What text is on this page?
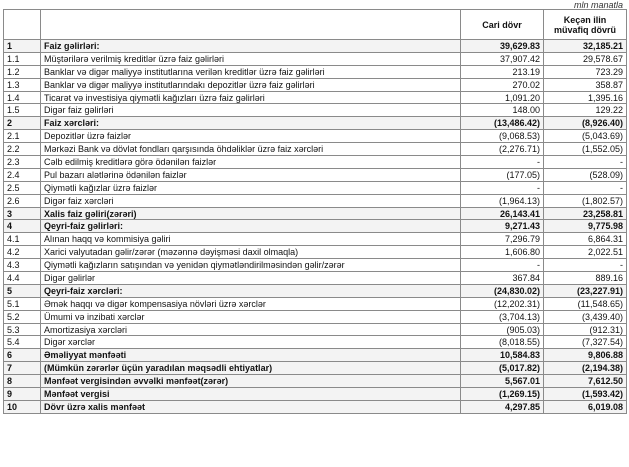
mln manatla
		Cari dövr	Keçən ilin müvafiq dövrü
1	Faiz gəlirləri:	39,629.83	32,185.21
1.1	Müştərilərə verilmiş kreditlər üzrə faiz gəlirləri	37,907.42	29,578.67
1.2	Banklar və digər maliyyə institutlarına verilən kreditlər üzrə faiz gəlirləri	213.19	723.29
1.3	Banklar və digər maliyyə institutlarındakı depozitlər üzrə faiz gəlirləri	270.02	358.87
1.4	Ticarət və investisiya qiymətli kağızları üzrə faiz gəlirləri	1,091.20	1,395.16
1.5	Digər faiz gəlirləri	148.00	129.22
2	Faiz xərcləri:	(13,486.42)	(8,926.40)
2.1	Depozitlər üzrə faizlər	(9,068.53)	(5,043.69)
2.2	Mərkəzi Bank və dövlət fondları qarşısında öhdəliklər üzrə faiz xərcləri	(2,276.71)	(1,552.05)
2.3	Cəlb edilmiş kreditlərə görə ödənilən faizlər	-	-
2.4	Pul bazarı alətlərinə ödənilən faizlər	(177.05)	(528.09)
2.5	Qiymətli kağızlar üzrə faizlər	-	-
2.6	Digər faiz xərcləri	(1,964.13)	(1,802.57)
3	Xalis faiz gəliri(zərəri)	26,143.41	23,258.81
4	Qeyri-faiz gəlirləri:	9,271.43	9,775.98
4.1	Alınan haqq və kommisiya gəliri	7,296.79	6,864.31
4.2	Xarici valyutadan gəlir/zərər (məzənnə dəyişməsi daxil olmaqla)	1,606.80	2,022.51
4.3	Qiymətli kağızların satışından və yenidən qiymətləndirilməsindən gəlir/zərər	-	-
4.4	Digər gəlirlər	367.84	889.16
5	Qeyri-faiz xərcləri:	(24,830.02)	(23,227.91)
5.1	Əmək haqqı və digər kompensasiya növləri üzrə xərclər	(12,202.31)	(11,548.65)
5.2	Ümumi və inzibati xərclər	(3,704.13)	(3,439.40)
5.3	Amortizasiya xərcləri	(905.03)	(912.31)
5.4	Digər xərclər	(8,018.55)	(7,327.54)
6	Əməliyyat mənfəəti	10,584.83	9,806.88
7	(Mümkün zərərlər üçün yaradılan məqsədli ehtiyatlar)	(5,017.82)	(2,194.38)
8	Mənfəət vergisindən əvvəlki mənfəət(zərər)	5,567.01	7,612.50
9	Mənfəət vergisi	(1,269.15)	(1,593.42)
10	Dövr üzrə xalis mənfəət	4,297.85	6,019.08
